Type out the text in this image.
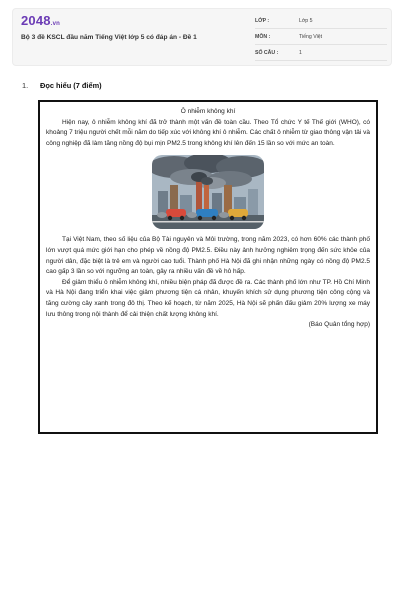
2048.vn
Bộ 3 đề KSCL đầu năm Tiếng Việt lớp 5 có đáp án - Đề 1
LỚP :	Lớp 5
MÔN :	Tiếng Việt
SỐ CÂU :	1
1. Đọc hiểu (7 điểm)
Ô nhiễm không khí

Hiện nay, ô nhiễm không khí đã trở thành một vấn đề toàn cầu. Theo Tổ chức Y tế Thế giới (WHO), có khoảng 7 triệu người chết mỗi năm do tiếp xúc với không khí ô nhiễm. Các chất ô nhiễm từ giao thông vận tải và công nghiệp đã làm tăng nồng độ bụi mịn PM2.5 trong không khí lên đến 15 lần so với mức an toàn.

Tại Việt Nam, theo số liệu của Bộ Tài nguyên và Môi trường, trong năm 2023, có hơn 60% các thành phố lớn vượt quá mức giới hạn cho phép về nồng độ PM2.5. Điều này ảnh hưởng nghiêm trọng đến sức khỏe của người dân, đặc biệt là trẻ em và người cao tuổi. Thành phố Hà Nội đã ghi nhận những ngày có nồng độ PM2.5 cao gấp 3 lần so với ngưỡng an toàn, gây ra nhiều vấn đề về hô hấp.

Để giảm thiểu ô nhiễm không khí, nhiều biện pháp đã được đề ra. Các thành phố lớn như TP. Hồ Chí Minh và Hà Nội đang triển khai việc giảm phương tiện cá nhân, khuyến khích sử dụng phương tiện công cộng và tăng cường cây xanh trong đô thị. Theo kế hoạch, từ năm 2025, Hà Nội sẽ phấn đấu giảm 20% lượng xe máy lưu thông trong nội thành để cải thiện chất lượng không khí.

(Báo Quân tổng hợp)
